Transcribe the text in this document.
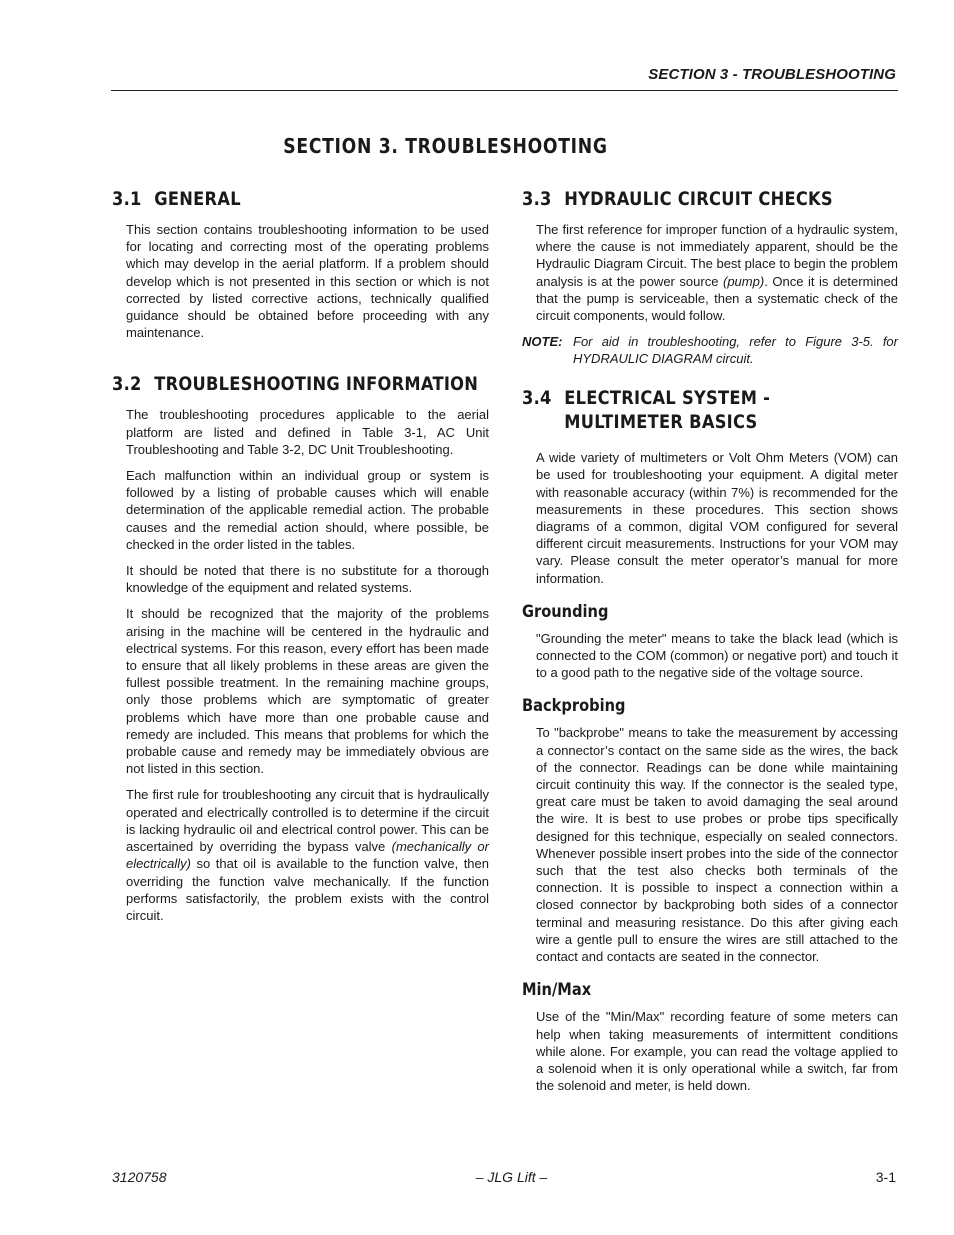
SECTION 3 - TROUBLESHOOTING
SECTION 3. TROUBLESHOOTING
3.1 GENERAL

This section contains troubleshooting information to be used for locating and correcting most of the operating problems which may develop in the aerial platform. If a problem should develop which is not presented in this section or which is not corrected by listed corrective actions, technically qualified guidance should be obtained before proceeding with any maintenance.

3.2 TROUBLESHOOTING INFORMATION

The troubleshooting procedures applicable to the aerial platform are listed and defined in Table 3-1, AC Unit Troubleshooting and Table 3-2, DC Unit Troubleshooting.

Each malfunction within an individual group or system is followed by a listing of probable causes which will enable determination of the applicable remedial action. The probable causes and the remedial action should, where possible, be checked in the order listed in the tables.

It should be noted that there is no substitute for a thorough knowledge of the equipment and related systems.

It should be recognized that the majority of the problems arising in the machine will be centered in the hydraulic and electrical systems. For this reason, every effort has been made to ensure that all likely problems in these areas are given the fullest possible treatment. In the remaining machine groups, only those problems which are symptomatic of greater problems which have more than one probable cause and remedy are included. This means that problems for which the probable cause and remedy may be immediately obvious are not listed in this section.

The first rule for troubleshooting any circuit that is hydraulically operated and electrically controlled is to determine if the circuit is lacking hydraulic oil and electrical control power. This can be ascertained by overriding the bypass valve (mechanically or electrically) so that oil is available to the function valve, then overriding the function valve mechanically. If the function performs satisfactorily, the problem exists with the control circuit.

3.3 HYDRAULIC CIRCUIT CHECKS

The first reference for improper function of a hydraulic system, where the cause is not immediately apparent, should be the Hydraulic Diagram Circuit. The best place to begin the problem analysis is at the power source (pump). Once it is determined that the pump is serviceable, then a systematic check of the circuit components, would follow.

NOTE: For aid in troubleshooting, refer to Figure 3-5. for HYDRAULIC DIAGRAM circuit.
3.4 ELECTRICAL SYSTEM - MULTIMETER BASICS

A wide variety of multimeters or Volt Ohm Meters (VOM) can be used for troubleshooting your equipment. A digital meter with reasonable accuracy (within 7%) is recommended for the measurements in these procedures. This section shows diagrams of a common, digital VOM configured for several different circuit measurements. Instructions for your VOM may vary. Please consult the meter operator’s manual for more information.

Grounding

"Grounding the meter" means to take the black lead (which is connected to the COM (common) or negative port) and touch it to a good path to the negative side of the voltage source.

Backprobing

To "backprobe" means to take the measurement by accessing a connector’s contact on the same side as the wires, the back of the connector. Readings can be done while maintaining circuit continuity this way. If the connector is the sealed type, great care must be taken to avoid damaging the seal around the wire. It is best to use probes or probe tips specifically designed for this technique, especially on sealed connectors. Whenever possible insert probes into the side of the connector such that the test also checks both terminals of the connection. It is possible to inspect a connection within a closed connector by backprobing both sides of a connector terminal and measuring resistance. Do this after giving each wire a gentle pull to ensure the wires are still attached to the contact and contacts are seated in the connector.

Min/Max

Use of the "Min/Max" recording feature of some meters can help when taking measurements of intermittent conditions while alone. For example, you can read the voltage applied to a solenoid when it is only operational while a switch, far from the solenoid and meter, is held down.

3120758	– JLG Lift –	3-1
